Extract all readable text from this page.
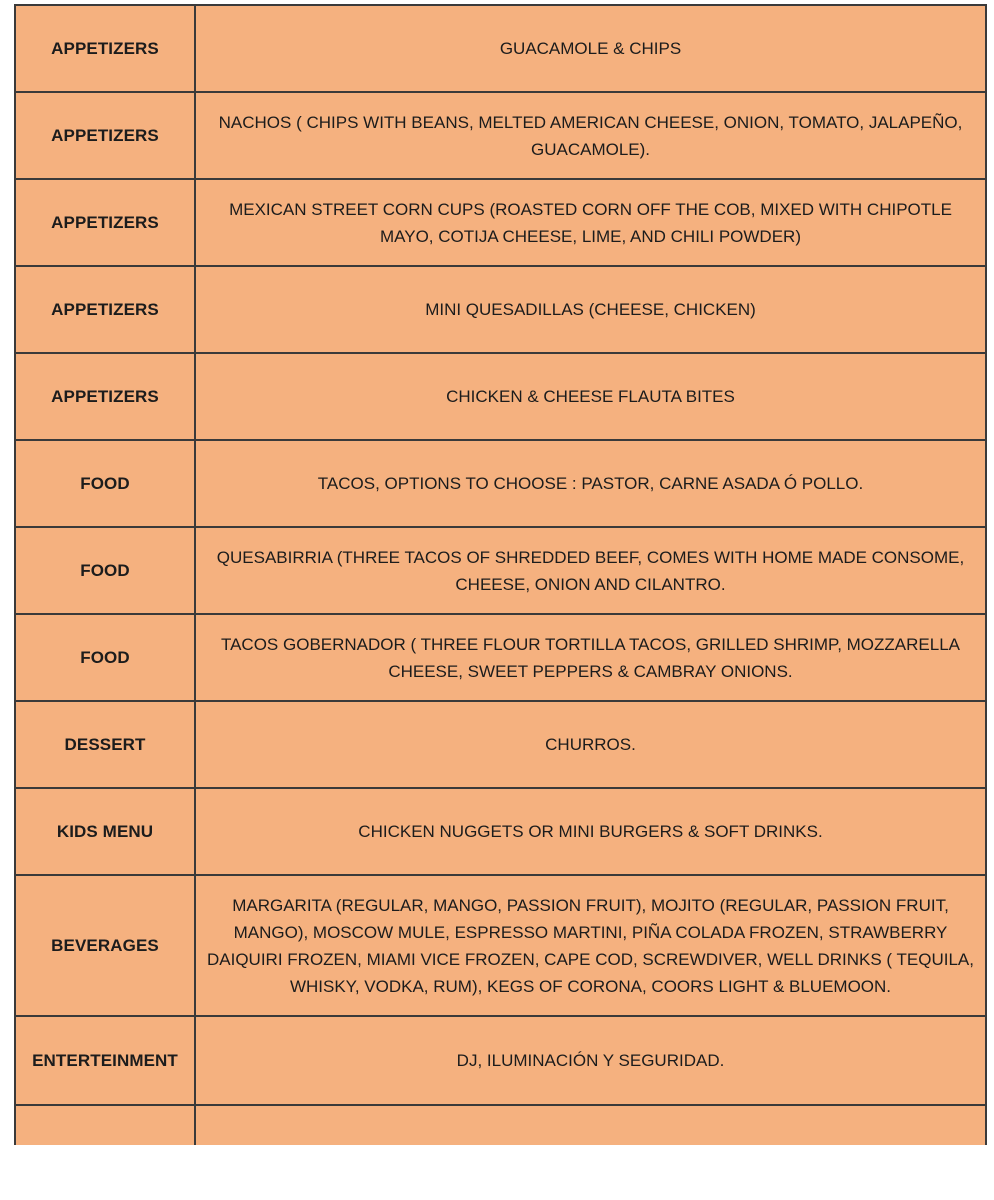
APPETIZERS	GUACAMOLE & CHIPS
APPETIZERS	NACHOS ( CHIPS WITH BEANS, MELTED AMERICAN CHEESE, ONION, TOMATO, JALAPEÑO, GUACAMOLE).
APPETIZERS	MEXICAN STREET CORN CUPS (ROASTED CORN OFF THE COB, MIXED WITH CHIPOTLE MAYO, COTIJA CHEESE, LIME, AND CHILI POWDER)
APPETIZERS	MINI QUESADILLAS (CHEESE, CHICKEN)
APPETIZERS	CHICKEN & CHEESE FLAUTA BITES
FOOD	TACOS, OPTIONS TO CHOOSE : PASTOR, CARNE ASADA Ó POLLO.
FOOD	QUESABIRRIA (THREE TACOS OF SHREDDED BEEF, COMES WITH HOME MADE CONSOME, CHEESE, ONION AND CILANTRO.
FOOD	TACOS GOBERNADOR ( THREE FLOUR TORTILLA TACOS, GRILLED SHRIMP, MOZZARELLA CHEESE, SWEET PEPPERS & CAMBRAY ONIONS.
DESSERT	CHURROS.
KIDS MENU	CHICKEN NUGGETS OR MINI BURGERS & SOFT DRINKS.
BEVERAGES	MARGARITA (REGULAR, MANGO, PASSION FRUIT), MOJITO (REGULAR, PASSION FRUIT, MANGO), MOSCOW MULE, ESPRESSO MARTINI, PIÑA COLADA FROZEN, STRAWBERRY DAIQUIRI FROZEN, MIAMI VICE FROZEN, CAPE COD, SCREWDIVER, WELL DRINKS ( TEQUILA, WHISKY, VODKA, RUM), KEGS OF CORONA, COORS LIGHT & BLUEMOON.
ENTERTEINMENT	DJ, ILUMINACIÓN Y SEGURIDAD.
